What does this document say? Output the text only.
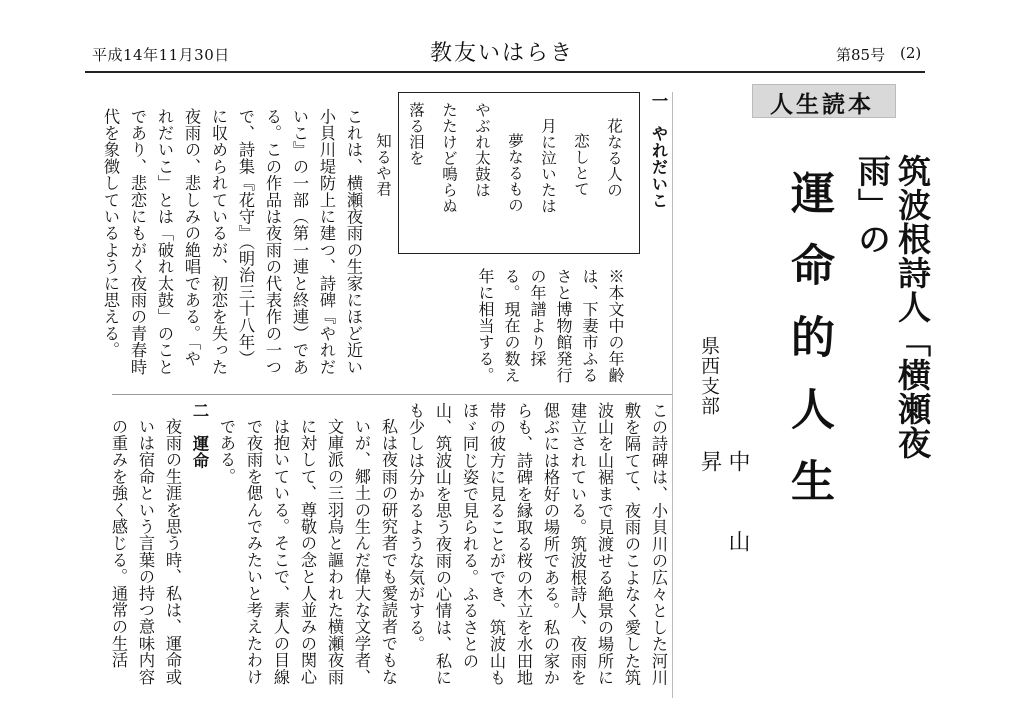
平成14年11月30日	教友いはらき	第85号 (2)
人生読本
筑波根詩人「横瀬夜雨」の
運命的人生
県西支部
中山　昇
一　やれだいこ
これは、横瀬夜雨の生家にほど近い小貝川堤防上に建つ、詩碑『やれだいこ』の一部（第一連と終連）である。この作品は夜雨の代表作の一つで、詩集『花守』（明治三十八年）に収められているが、初恋を失った夜雨の、悲しみの絶唱である。「やれだいこ」とは「破れ太鼓」のことであり、悲恋にもがく夜雨の青春時代を象徴しているように思える。	花なる人の
恋しとて
月に泣いたは
夢なるもの
やぶれ太鼓は
たたけど鳴らぬ
落る泪を
知るや君
※本文中の年齢は、下妻市ふるさと博物館発行の年譜より採る。現在の数え年に相当する。
この詩碑は、小貝川の広々とした河川敷を隔てて、夜雨のこよなく愛した筑波山を山裾まで見渡せる絶景の場所に建立されている。筑波根詩人、夜雨を偲ぶには格好の場所である。私の家からも、詩碑を縁取る桜の木立を水田地帯の彼方に見ることができ、筑波山もほゞ同じ姿で見られる。ふるさとの山、筑波山を思う夜雨の心情は、私にも少しは分かるような気がする。
私は夜雨の研究者でも愛読者でもないが、郷土の生んだ偉大な文学者、文庫派の三羽烏と謳われた横瀬夜雨に対して、尊敬の念と人並みの関心は抱いている。そこで、素人の目線で夜雨を偲んでみたいと考えたわけである。
二　運命
夜雨の生涯を思う時、私は、運命或いは宿命という言葉の持つ意味内容の重みを強く感じる。通常の生活
